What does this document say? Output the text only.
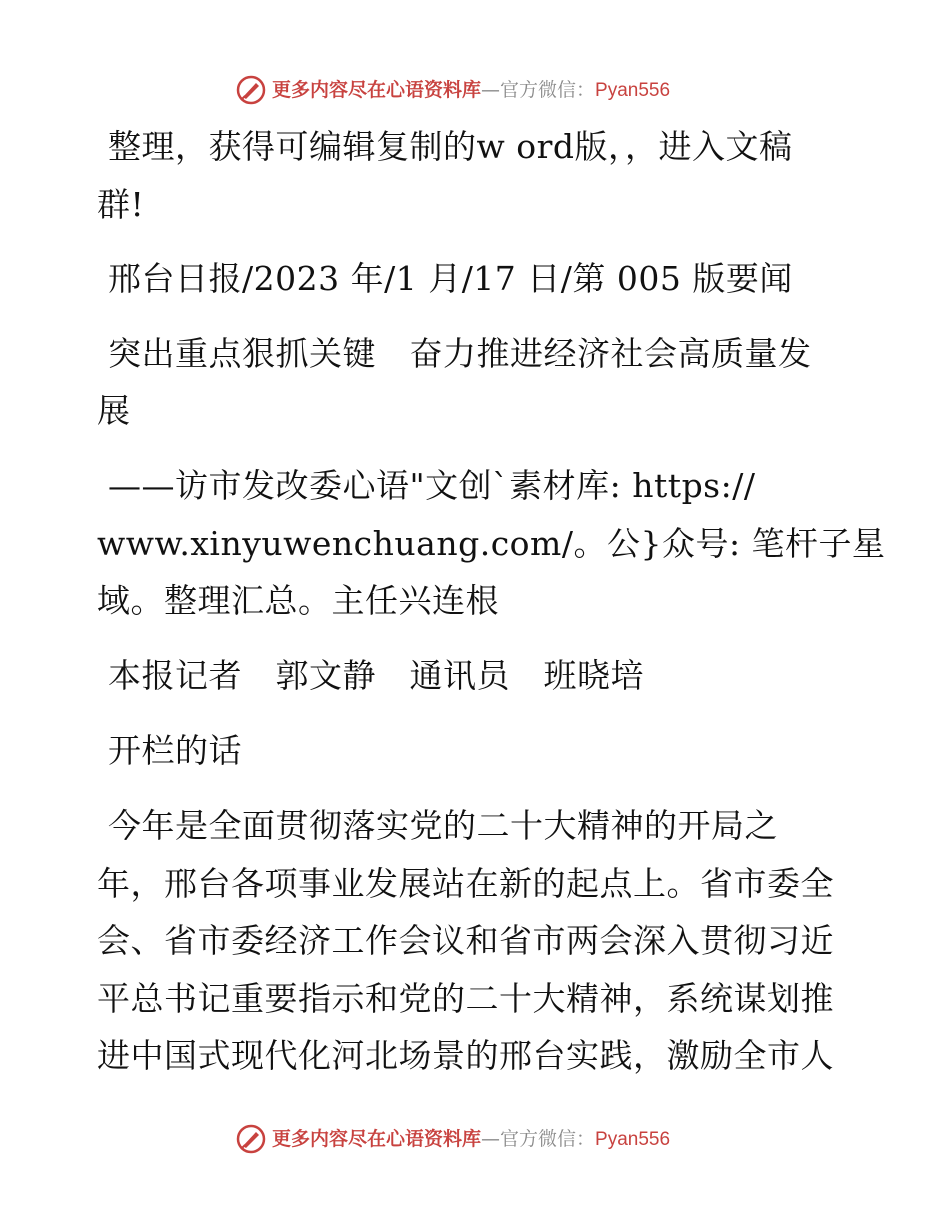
更多内容尽在心语资料库—官方微信：Pyan556
整理，获得可编辑复制的w ord版，，进入文稿
群!
邢台日报/2023 年/1 月/17 日/第 005 版要闻
突出重点狠抓关键　奋力推进经济社会高质量发
展
——访市发改委心语"文创`素材库: https://
www.xinyuwenchuang.com/。公}众号: 笔杆子星
域。整理汇总。主任兴连根
本报记者　郭文静　通讯员　班晓培
开栏的话
今年是全面贯彻落实党的二十大精神的开局之
年，邢台各项事业发展站在新的起点上。省市委全
会、省市委经济工作会议和省市两会深入贯彻习近
平总书记重要指示和党的二十大精神，系统谋划推
进中国式现代化河北场景的邢台实践，激励全市人
更多内容尽在心语资料库—官方微信：Pyan556
